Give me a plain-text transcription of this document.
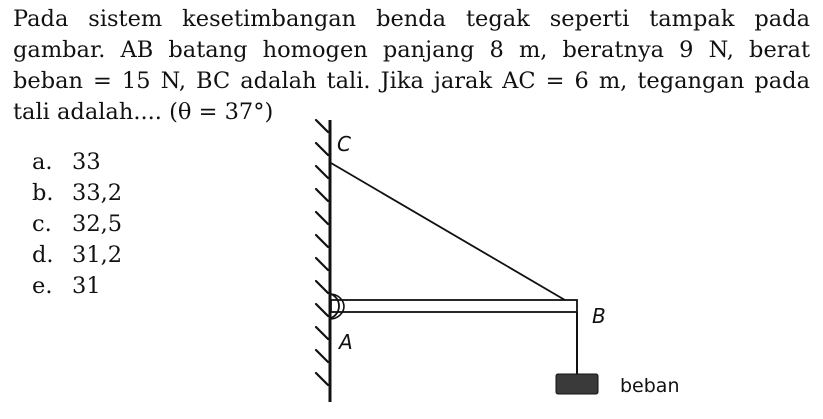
Pada sistem kesetimbangan benda tegak seperti tampak pada
gambar. AB batang homogen panjang 8 m, beratnya 9 N, berat
beban = 15 N, BC adalah tali. Jika jarak AC = 6 m, tegangan pada
tali adalah.... (θ = 37°)
a. 33
b. 33,2
c. 32,5
d. 31,2
e. 31
C
A
B
beban
